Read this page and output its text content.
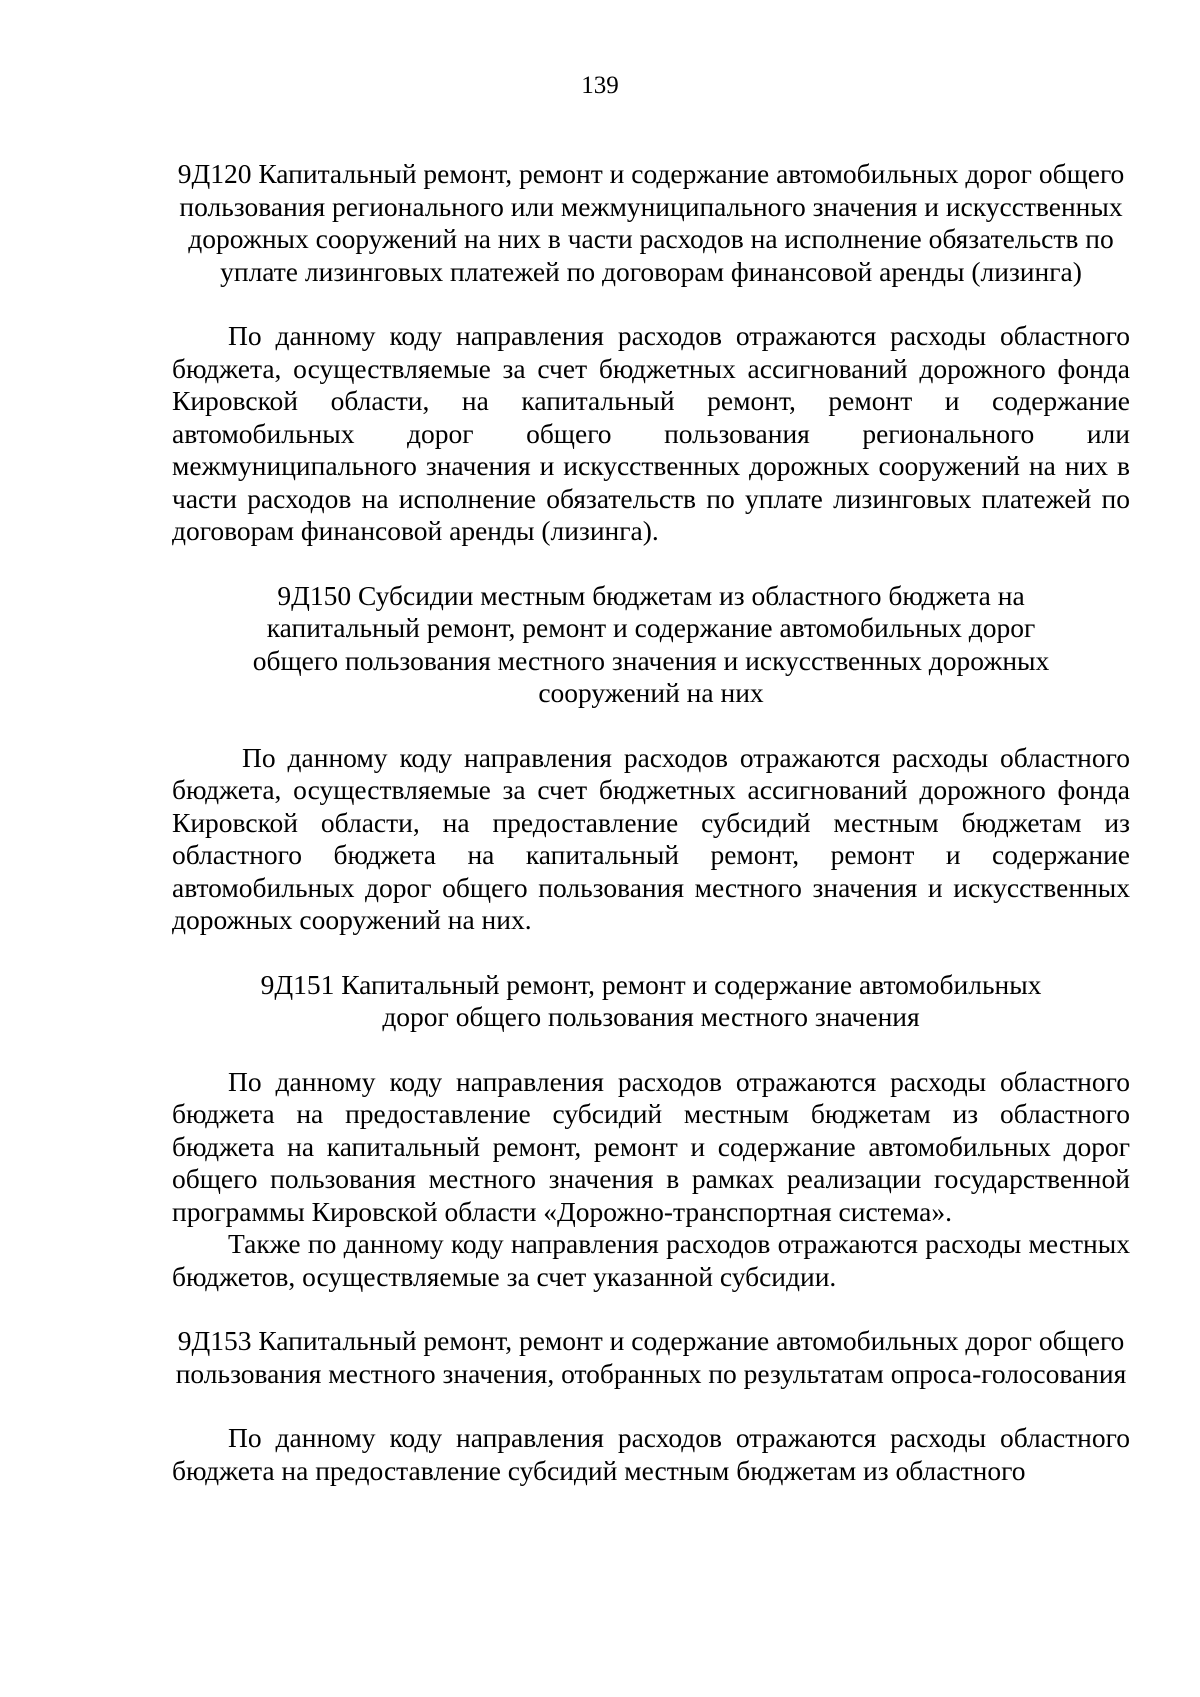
139

9Д120 Капитальный ремонт, ремонт и содержание автомобильных дорог общего пользования регионального или межмуниципального значения и искусственных дорожных сооружений на них в части расходов на исполнение обязательств по уплате лизинговых платежей по договорам финансовой аренды (лизинга)

По данному коду направления расходов отражаются расходы областного бюджета, осуществляемые за счет бюджетных ассигнований дорожного фонда Кировской области, на капитальный ремонт, ремонт и содержание автомобильных дорог общего пользования регионального или межмуниципального значения и искусственных дорожных сооружений на них в части расходов на исполнение обязательств по уплате лизинговых платежей по договорам финансовой аренды (лизинга).

9Д150 Субсидии местным бюджетам из областного бюджета на капитальный ремонт, ремонт и содержание автомобильных дорог общего пользования местного значения и искусственных дорожных сооружений на них

По данному коду направления расходов отражаются расходы областного бюджета, осуществляемые за счет бюджетных ассигнований дорожного фонда Кировской области, на предоставление субсидий местным бюджетам из областного бюджета на капитальный ремонт, ремонт и содержание автомобильных дорог общего пользования местного значения и искусственных дорожных сооружений на них.

9Д151 Капитальный ремонт, ремонт и содержание автомобильных дорог общего пользования местного значения

По данному коду направления расходов отражаются расходы областного бюджета на предоставление субсидий местным бюджетам из областного бюджета на капитальный ремонт, ремонт и содержание автомобильных дорог общего пользования местного значения в рамках реализации государственной программы Кировской области «Дорожно-транспортная система».

Также по данному коду направления расходов отражаются расходы местных бюджетов, осуществляемые за счет указанной субсидии.

9Д153 Капитальный ремонт, ремонт и содержание автомобильных дорог общего пользования местного значения, отобранных по результатам опроса-голосования

По данному коду направления расходов отражаются расходы областного бюджета на предоставление субсидий местным бюджетам из областного
